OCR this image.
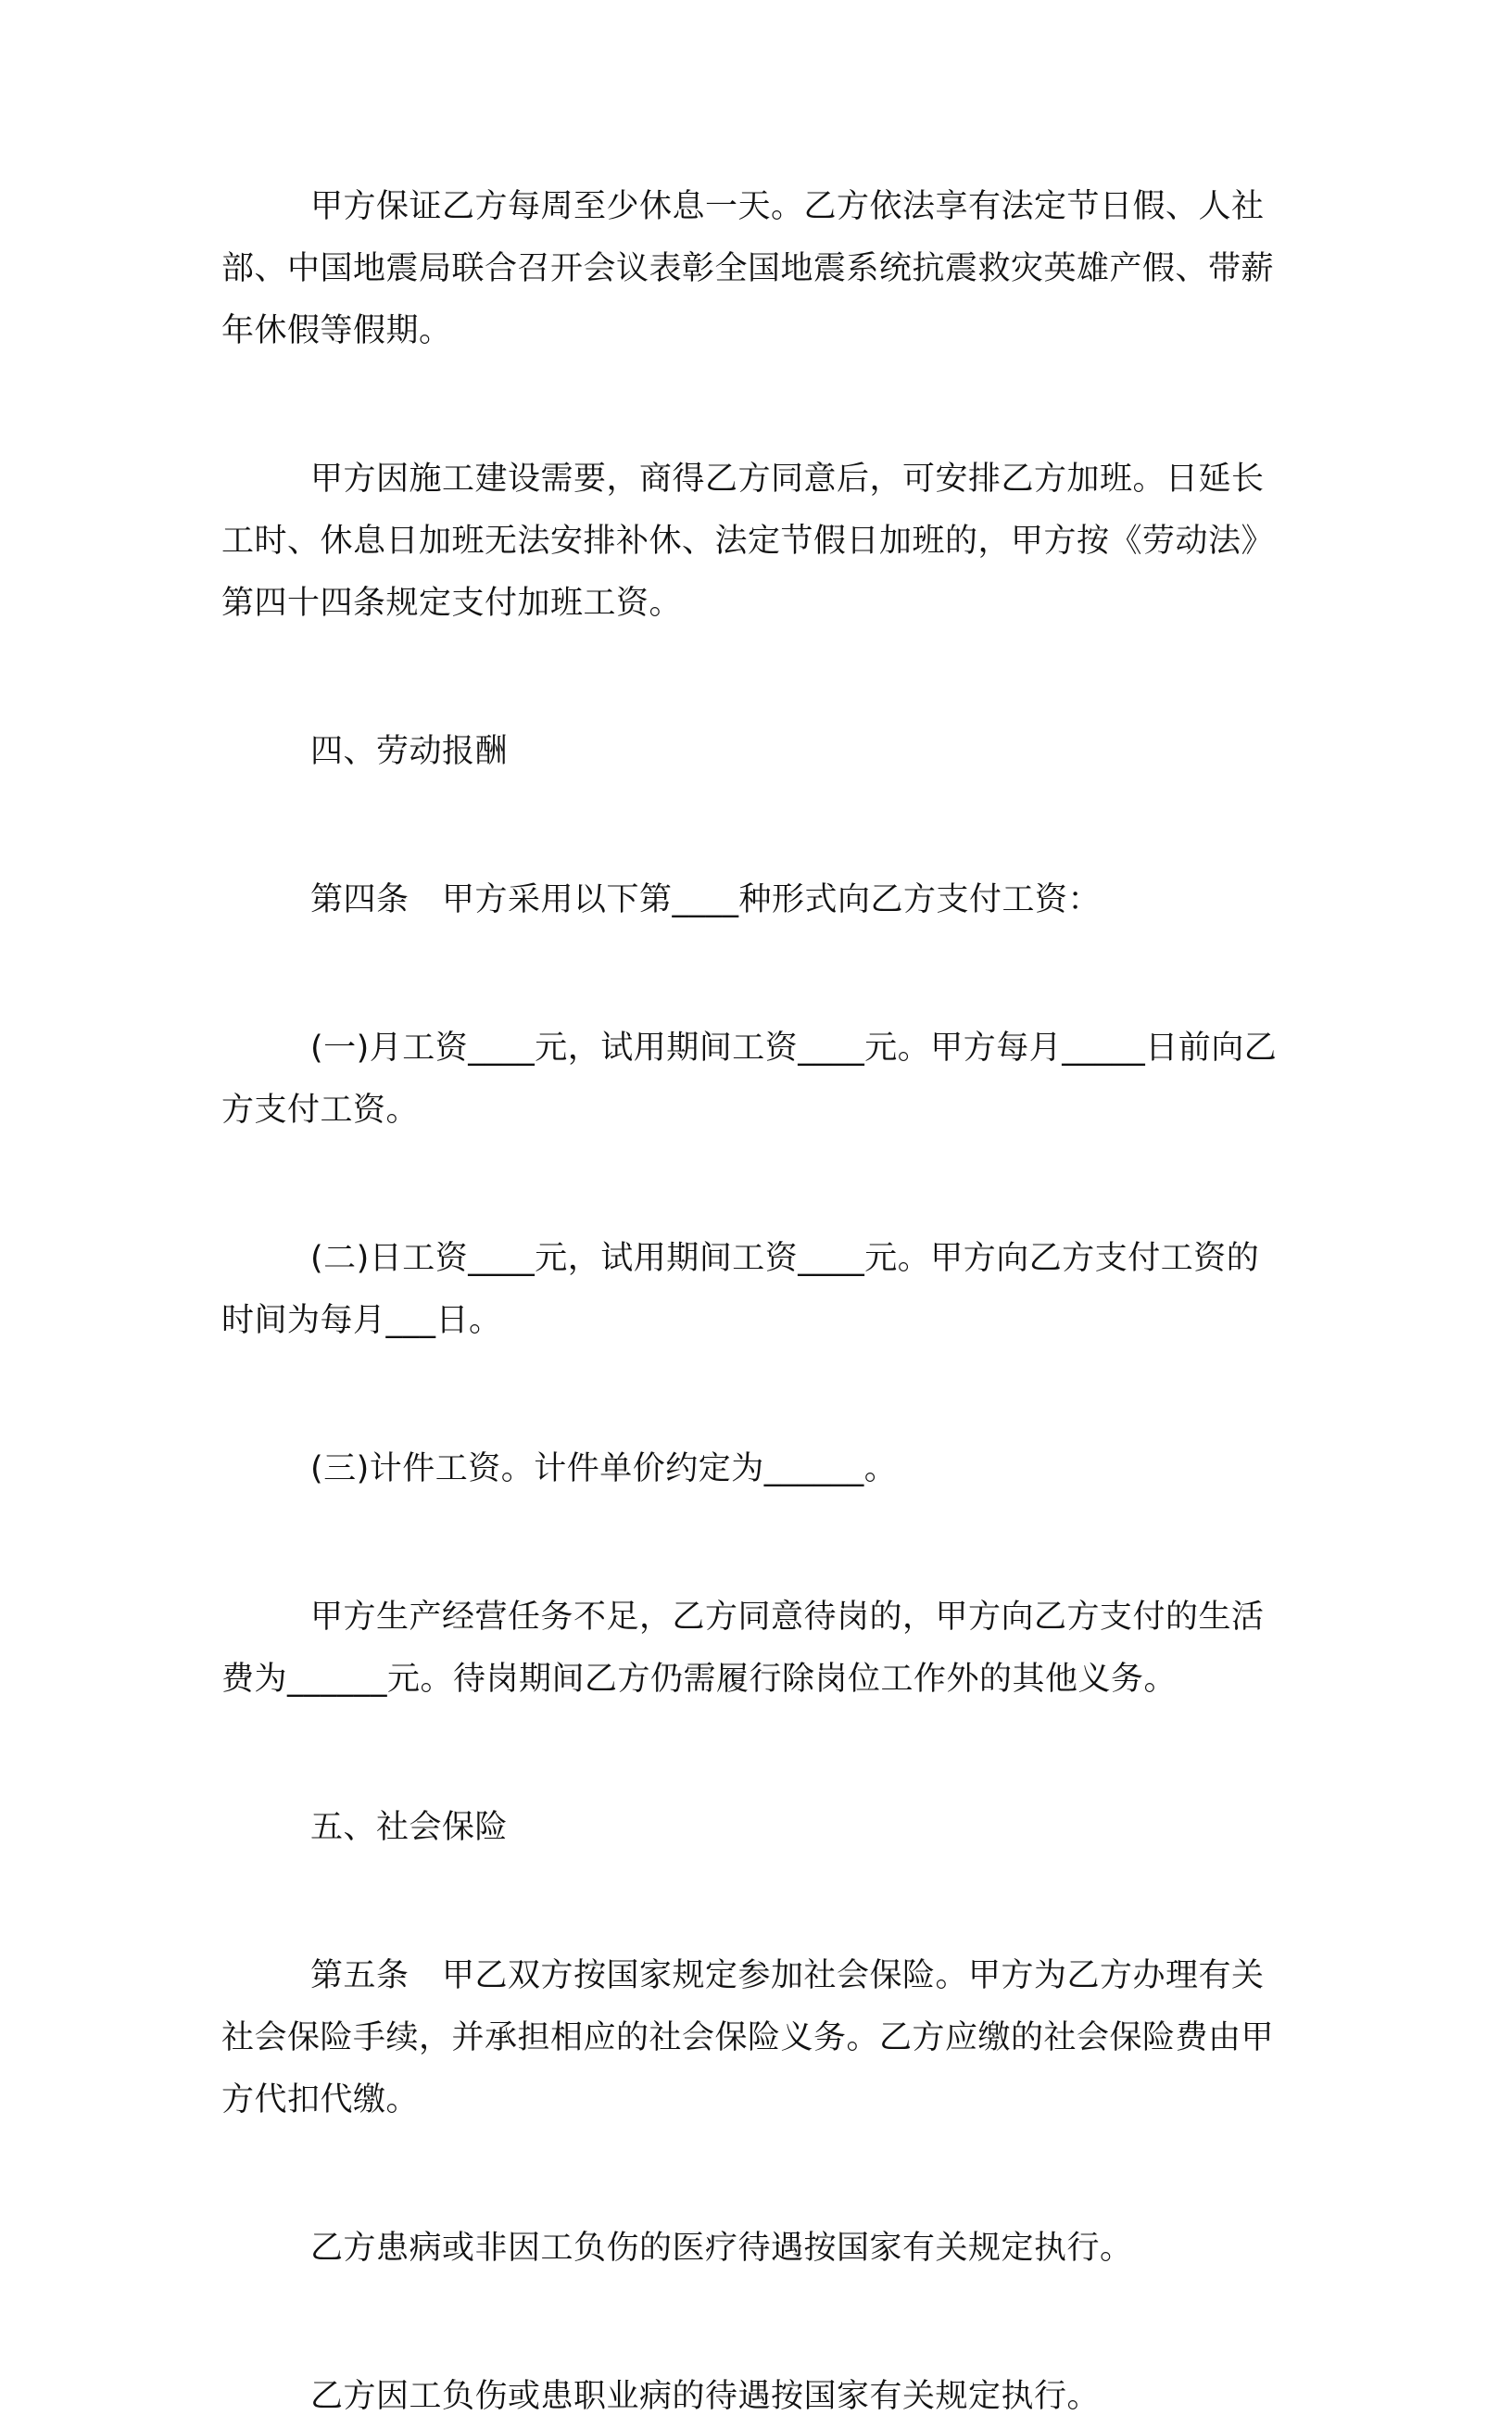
甲方保证乙方每周至少休息一天。乙方依法享有法定节日假、人社部、中国地震局联合召开会议表彰全国地震系统抗震救灾英雄产假、带薪年休假等假期。

甲方因施工建设需要，商得乙方同意后，可安排乙方加班。日延长工时、休息日加班无法安排补休、法定节假日加班的，甲方按《劳动法》第四十四条规定支付加班工资。

四、劳动报酬

第四条　甲方采用以下第____种形式向乙方支付工资：

(一)月工资____元，试用期间工资____元。甲方每月_____日前向乙方支付工资。

(二)日工资____元，试用期间工资____元。甲方向乙方支付工资的时间为每月___日。

(三)计件工资。计件单价约定为______。

甲方生产经营任务不足，乙方同意待岗的，甲方向乙方支付的生活费为______元。待岗期间乙方仍需履行除岗位工作外的其他义务。

五、社会保险

第五条　甲乙双方按国家规定参加社会保险。甲方为乙方办理有关社会保险手续，并承担相应的社会保险义务。乙方应缴的社会保险费由甲方代扣代缴。

乙方患病或非因工负伤的医疗待遇按国家有关规定执行。

乙方因工负伤或患职业病的待遇按国家有关规定执行。
